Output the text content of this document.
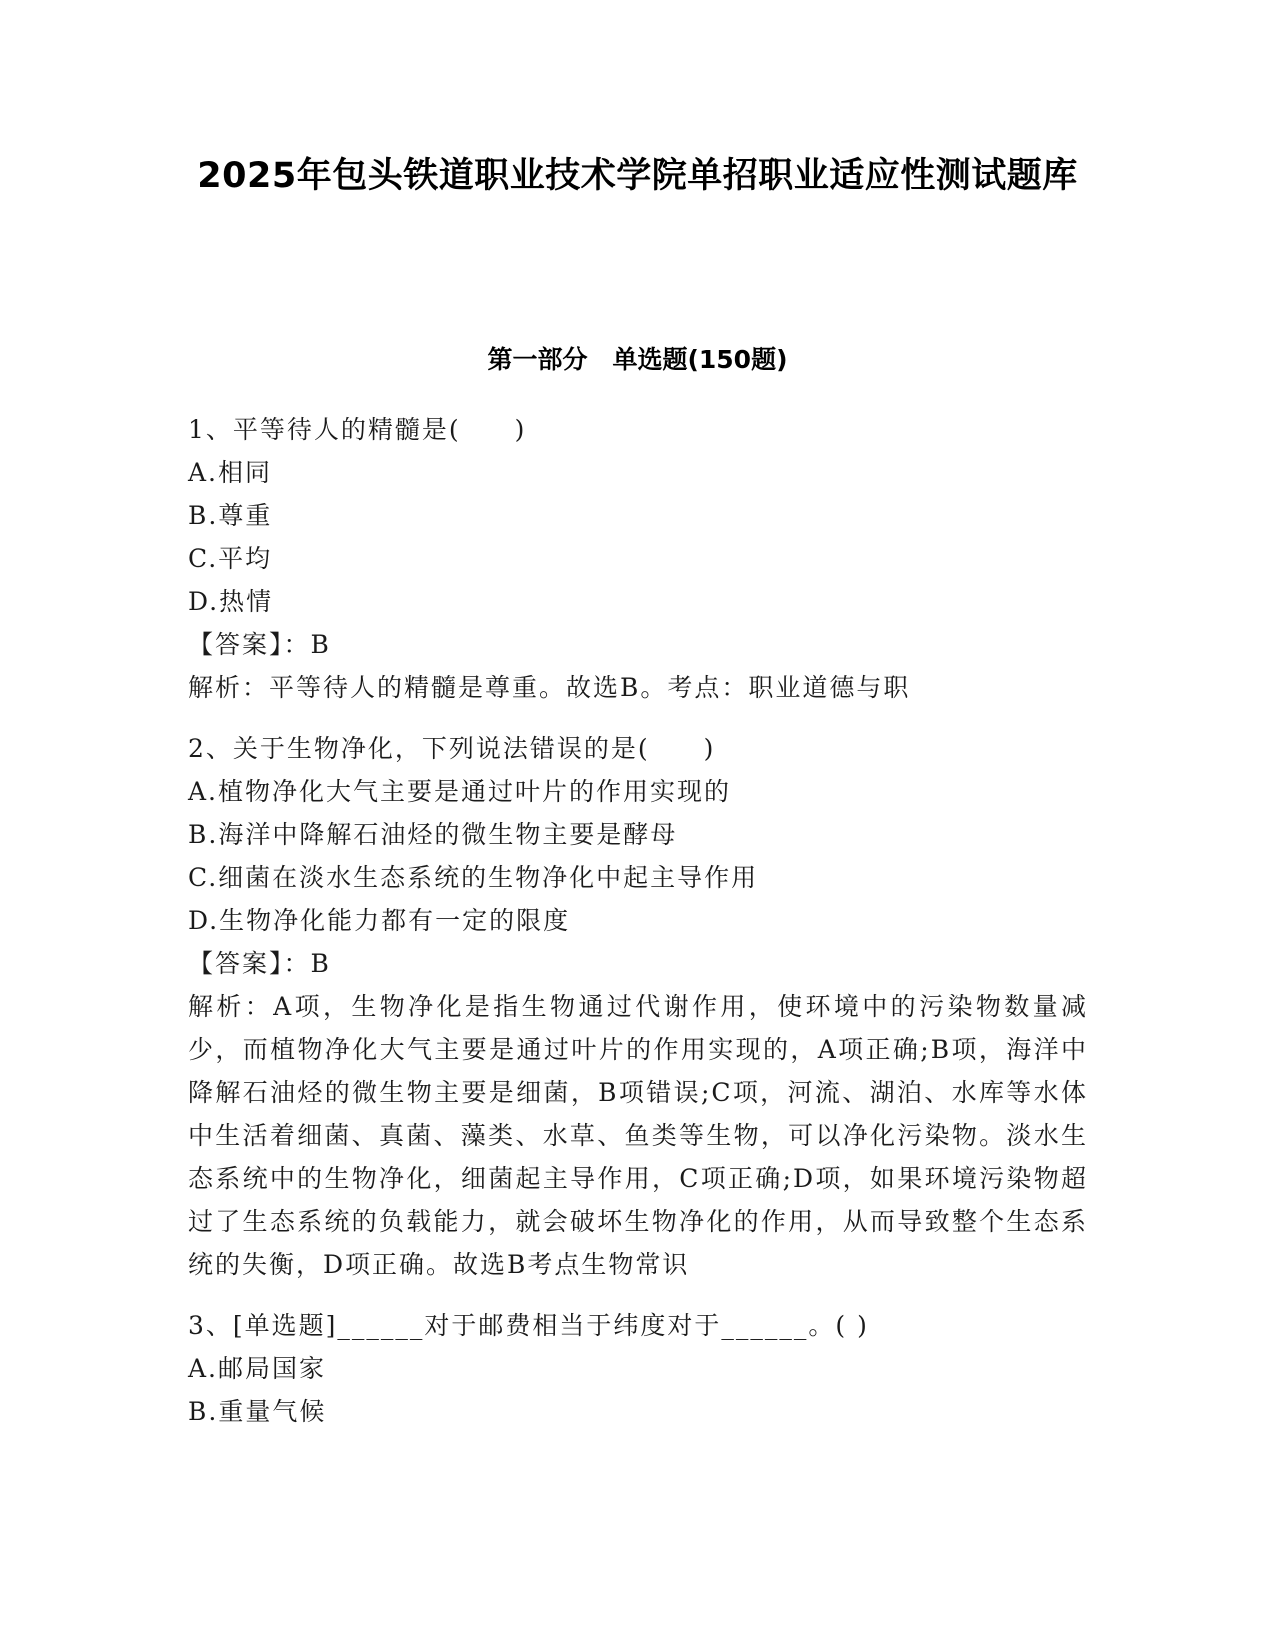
2025年包头铁道职业技术学院单招职业适应性测试题库
第一部分　单选题(150题)
1、平等待人的精髓是(　　)
A.相同
B.尊重
C.平均
D.热情
【答案】：B
解析：平等待人的精髓是尊重。故选B。考点：职业道德与职
2、关于生物净化，下列说法错误的是(　　)
A.植物净化大气主要是通过叶片的作用实现的
B.海洋中降解石油烃的微生物主要是酵母
C.细菌在淡水生态系统的生物净化中起主导作用
D.生物净化能力都有一定的限度
【答案】：B
解析：A项，生物净化是指生物通过代谢作用，使环境中的污染物数量减少，而植物净化大气主要是通过叶片的作用实现的，A项正确;B项，海洋中降解石油烃的微生物主要是细菌，B项错误;C项，河流、湖泊、水库等水体中生活着细菌、真菌、藻类、水草、鱼类等生物，可以净化污染物。淡水生态系统中的生物净化，细菌起主导作用，C项正确;D项，如果环境污染物超过了生态系统的负载能力，就会破坏生物净化的作用，从而导致整个生态系统的失衡，D项正确。故选B考点生物常识
3、[单选题]______对于邮费相当于纬度对于______。( )
A.邮局国家
B.重量气候
